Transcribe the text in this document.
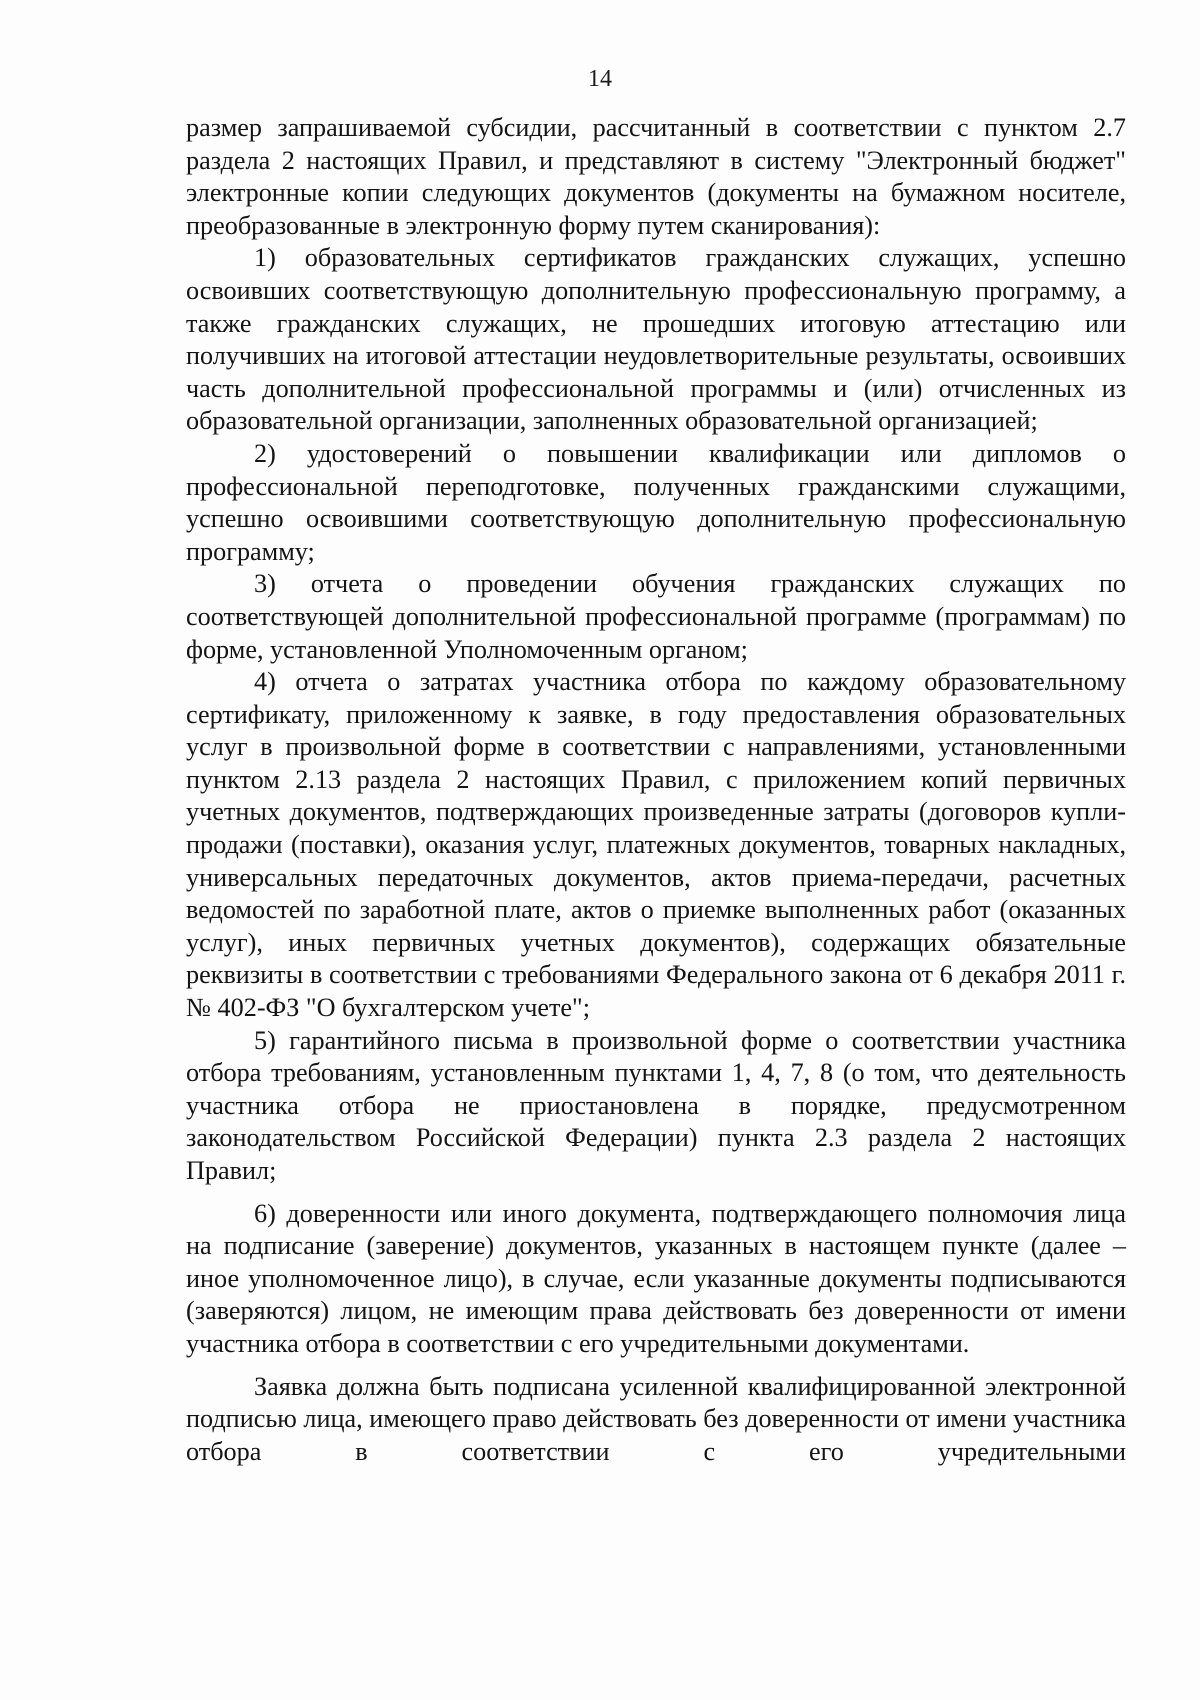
14

размер запрашиваемой субсидии, рассчитанный в соответствии с пунктом 2.7 раздела 2 настоящих Правил, и представляют в систему "Электронный бюджет" электронные копии следующих документов (документы на бумажном носителе, преобразованные в электронную форму путем сканирования):

1) образовательных сертификатов гражданских служащих, успешно освоивших соответствующую дополнительную профессиональную программу, а также гражданских служащих, не прошедших итоговую аттестацию или получивших на итоговой аттестации неудовлетворительные результаты, освоивших часть дополнительной профессиональной программы и (или) отчисленных из образовательной организации, заполненных образовательной организацией;

2) удостоверений о повышении квалификации или дипломов о профессиональной переподготовке, полученных гражданскими служащими, успешно освоившими соответствующую дополнительную профессиональную программу;

3) отчета о проведении обучения гражданских служащих по соответствующей дополнительной профессиональной программе (программам) по форме, установленной Уполномоченным органом;

4) отчета о затратах участника отбора по каждому образовательному сертификату, приложенному к заявке, в году предоставления образовательных услуг в произвольной форме в соответствии с направлениями, установленными пунктом 2.13 раздела 2 настоящих Правил, с приложением копий первичных учетных документов, подтверждающих произведенные затраты (договоров купли-продажи (поставки), оказания услуг, платежных документов, товарных накладных, универсальных передаточных документов, актов приема-передачи, расчетных ведомостей по заработной плате, актов о приемке выполненных работ (оказанных услуг), иных первичных учетных документов), содержащих обязательные реквизиты в соответствии с требованиями Федерального закона от 6 декабря 2011 г. № 402-ФЗ "О бухгалтерском учете";

5) гарантийного письма в произвольной форме о соответствии участника отбора требованиям, установленным пунктами 1, 4, 7, 8 (о том, что деятельность участника отбора не приостановлена в порядке, предусмотренном законодательством Российской Федерации) пункта 2.3 раздела 2 настоящих Правил;

6) доверенности или иного документа, подтверждающего полномочия лица на подписание (заверение) документов, указанных в настоящем пункте (далее – иное уполномоченное лицо), в случае, если указанные документы подписываются (заверяются) лицом, не имеющим права действовать без доверенности от имени участника отбора в соответствии с его учредительными документами.

Заявка должна быть подписана усиленной квалифицированной электронной подписью лица, имеющего право действовать без доверенности от имени участника отбора в соответствии с его учредительными
